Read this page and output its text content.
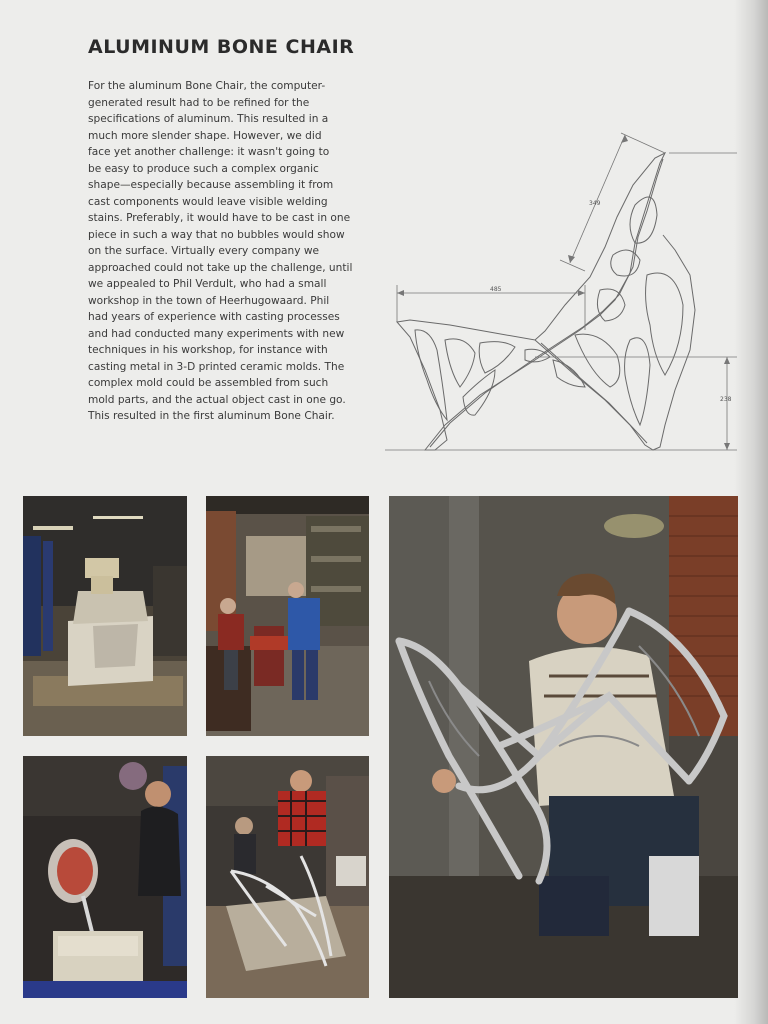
ALUMINUM BONE CHAIR
For the aluminum Bone Chair, the computer-
generated result had to be refined for the
specifications of aluminum. This resulted in a
much more slender shape. However, we did
face yet another challenge: it wasn't going to
be easy to produce such a complex organic
shape—especially because assembling it from
cast components would leave visible welding
stains. Preferably, it would have to be cast in one
piece in such a way that no bubbles would show
on the surface. Virtually every company we
approached could not take up the challenge, until
we appealed to Phil Verdult, who had a small
workshop in the town of Heerhugowaard. Phil
had years of experience with casting processes
and had conducted many experiments with new
techniques in his workshop, for instance with
casting metal in 3-D printed ceramic molds. The
complex mold could be assembled from such
mold parts, and the actual object cast in one go.
This resulted in the first aluminum Bone Chair.
349
485
238
